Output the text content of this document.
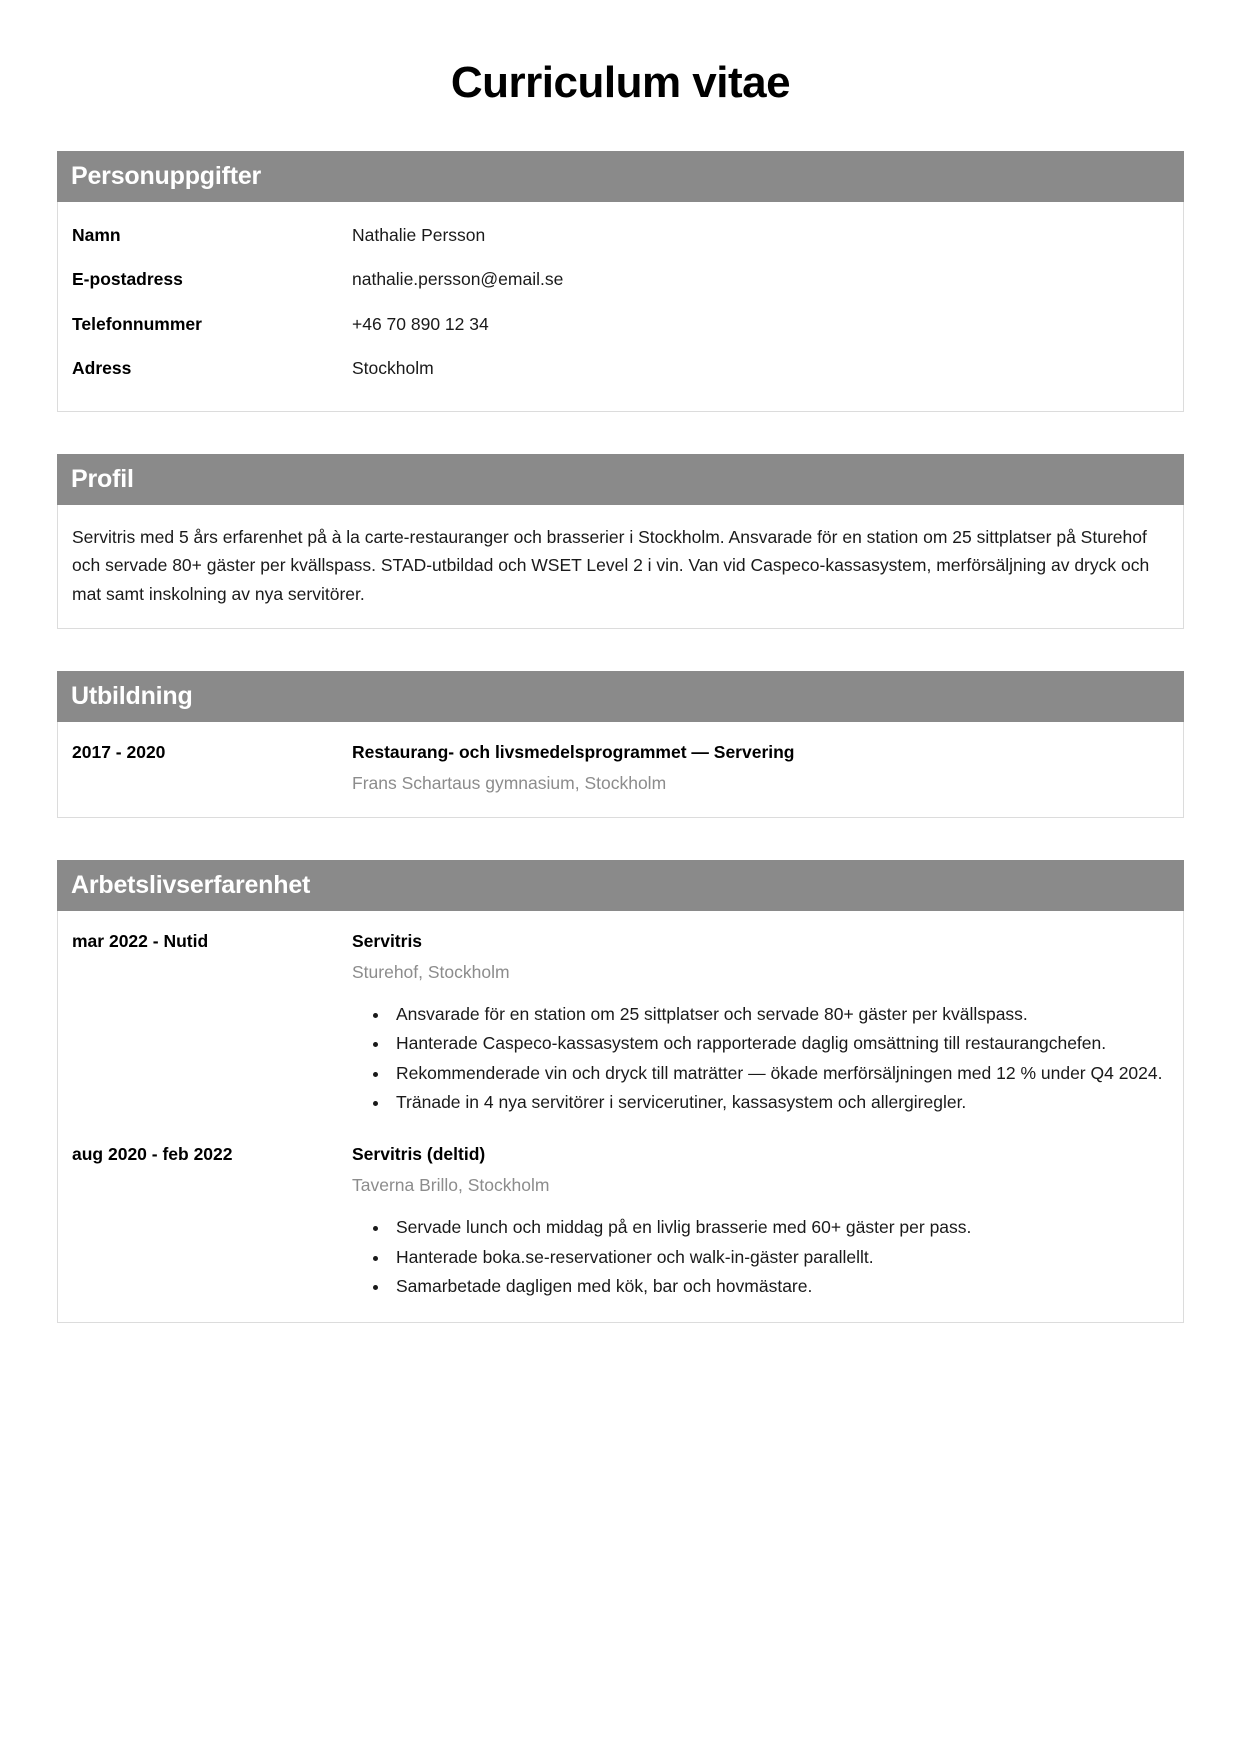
Curriculum vitae
Personuppgifter
Namn	Nathalie Persson
E-postadress	nathalie.persson@email.se
Telefonnummer	+46 70 890 12 34
Adress	Stockholm
Profil

Servitris med 5 års erfarenhet på à la carte-restauranger och brasserier i Stockholm. Ansvarade för en station om 25 sittplatser på Sturehof och servade 80+ gäster per kvällspass. STAD-utbildad och WSET Level 2 i vin. Van vid Caspeco-kassasystem, merförsäljning av dryck och mat samt inskolning av nya servitörer.

Utbildning
2017 - 2020	Restaurang- och livsmedelsprogrammet — Servering
Frans Schartaus gymnasium, Stockholm
Arbetslivserfarenhet
mar 2022 - Nutid	Servitris
Sturehof, Stockholm
• Ansvarade för en station om 25 sittplatser och servade 80+ gäster per kvällspass.
• Hanterade Caspeco-kassasystem och rapporterade daglig omsättning till restaurangchefen.
• Rekommenderade vin och dryck till maträtter — ökade merförsäljningen med 12 % under Q4 2024.
• Tränade in 4 nya servitörer i servicerutiner, kassasystem och allergiregler.
aug 2020 - feb 2022	Servitris (deltid)
Taverna Brillo, Stockholm
• Servade lunch och middag på en livlig brasserie med 60+ gäster per pass.
• Hanterade boka.se-reservationer och walk-in-gäster parallellt.
• Samarbetade dagligen med kök, bar och hovmästare.
